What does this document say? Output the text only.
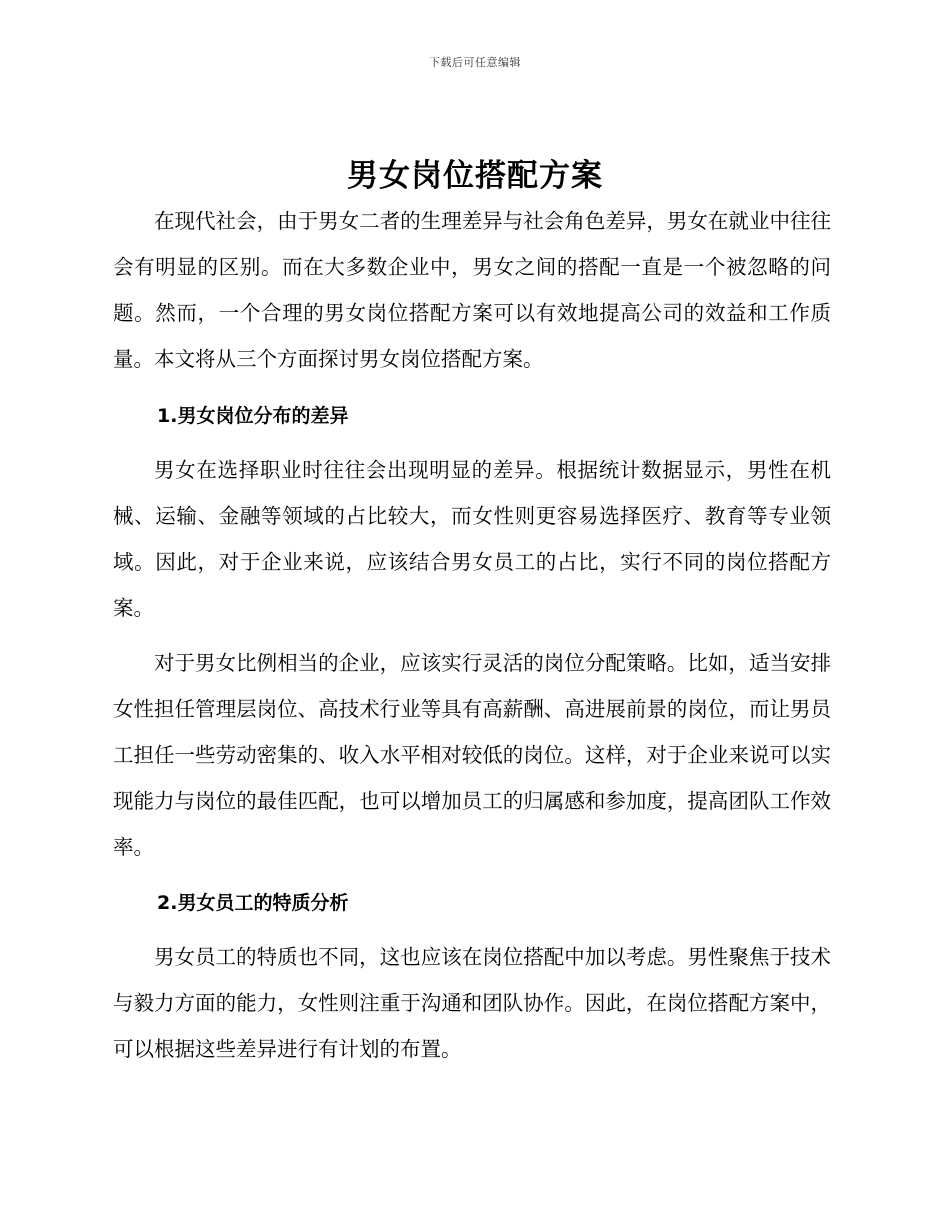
下载后可任意编辑
男女岗位搭配方案

在现代社会，由于男女二者的生理差异与社会角色差异，男女在就业中往往会有明显的区别。而在大多数企业中，男女之间的搭配一直是一个被忽略的问题。然而，一个合理的男女岗位搭配方案可以有效地提高公司的效益和工作质量。本文将从三个方面探讨男女岗位搭配方案。

1.男女岗位分布的差异

男女在选择职业时往往会出现明显的差异。根据统计数据显示，男性在机械、运输、金融等领域的占比较大，而女性则更容易选择医疗、教育等专业领域。因此，对于企业来说，应该结合男女员工的占比，实行不同的岗位搭配方案。

对于男女比例相当的企业，应该实行灵活的岗位分配策略。比如，适当安排女性担任管理层岗位、高技术行业等具有高薪酬、高进展前景的岗位，而让男员工担任一些劳动密集的、收入水平相对较低的岗位。这样，对于企业来说可以实现能力与岗位的最佳匹配，也可以增加员工的归属感和参加度，提高团队工作效率。

2.男女员工的特质分析

男女员工的特质也不同，这也应该在岗位搭配中加以考虑。男性聚焦于技术与毅力方面的能力，女性则注重于沟通和团队协作。因此，在岗位搭配方案中，可以根据这些差异进行有计划的布置。
